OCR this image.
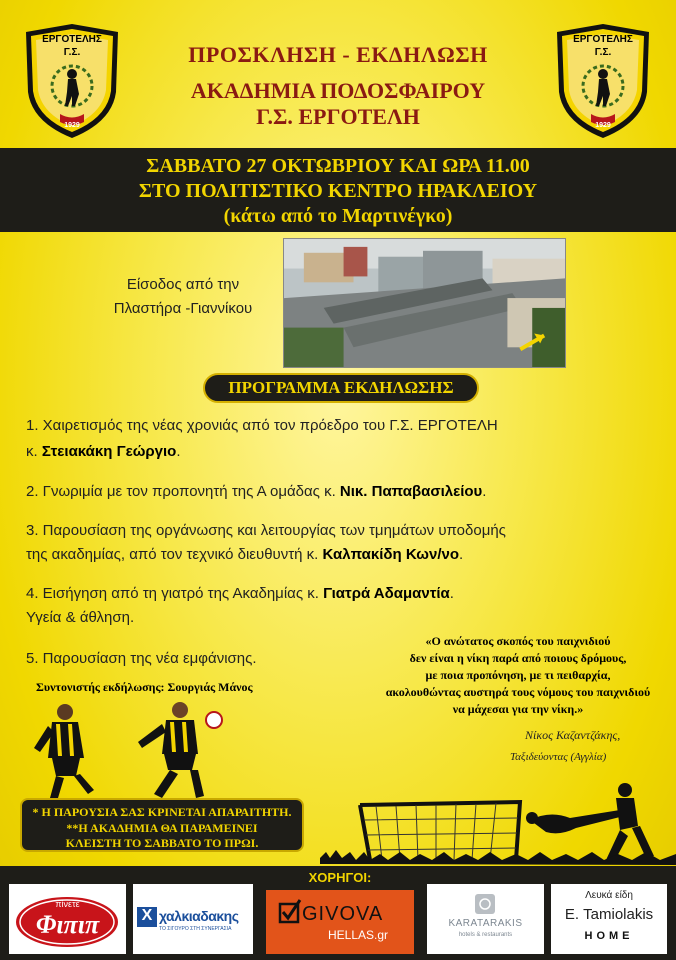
ΕΡΓΟΤΕΛΗΣ
Γ.Σ.
1929
ΕΡΓΟΤΕΛΗΣ
Γ.Σ.
1929
ΠΡΟΣΚΛΗΣΗ - ΕΚΔΗΛΩΣΗ
ΑΚΑΔΗΜΙΑ ΠΟΔΟΣΦΑΙΡΟΥ
Γ.Σ. ΕΡΓΟΤΕΛΗ
ΣΑΒΒΑΤΟ 27 ΟΚΤΩΒΡΙΟΥ ΚΑΙ ΩΡΑ 11.00
ΣΤΟ ΠΟΛΙΤΙΣΤΙΚΟ ΚΕΝΤΡΟ ΗΡΑΚΛΕΙΟΥ
(κάτω από το Μαρτινέγκο)
Είσοδος από την
Πλαστήρα -Γιαννίκου
ΠΡΟΓΡΑΜΜΑ ΕΚΔΗΛΩΣΗΣ
1. Χαιρετισμός της νέας χρονιάς από τον πρόεδρο του Γ.Σ. ΕΡΓΟΤΕΛΗ
κ. Στειακάκη Γεώργιο.
2. Γνωριμία με τον προπονητή της Α ομάδας κ. Νικ. Παπαβασιλείου.
3. Παρουσίαση της οργάνωσης και λειτουργίας των τμημάτων υποδομής
της ακαδημίας, από τον τεχνικό διευθυντή κ. Καλπακίδη Κων/νο.
4. Εισήγηση από τη γιατρό της Ακαδημίας κ. Γιατρά Αδαμαντία.
Υγεία & άθληση.
5. Παρουσίαση της νέα εμφάνισης.
Συντονιστής εκδήλωσης: Σουργιάς Μάνος
«Ο ανώτατος σκοπός του παιχνιδιού
δεν είναι η νίκη παρά από ποιους δρόμους,
με ποια προπόνηση, με τι πειθαρχία,
ακολουθώντας αυστηρά τους νόμους του παιχνιδιού
να μάχεσαι για την νίκη.»
Νίκος Καζαντζάκης,
Ταξιδεύοντας (Αγγλία)
* Η ΠΑΡΟΥΣΙΑ ΣΑΣ ΚΡΙΝΕΤΑΙ ΑΠΑΡΑΙΤΗΤΗ.
**Η ΑΚΑΔΗΜΙΑ ΘΑ ΠΑΡΑΜΕΙΝΕΙ
ΚΛΕΙΣΤΗ ΤΟ ΣΑΒΒΑΤΟ ΤΟ ΠΡΩΙ.
ΧΟΡΗΓΟΙ:
πίνετε
Φιπιπ	X χαλκιαδακης
ΤΟ ΣΙΓΟΥΡΟ ΣΤΗ ΣΥΝΕΡΓΑΣΙΑ
GIVOVA
HELLAS.gr
KARATARAKIS
hotels & restaurants
Λευκά είδη
Ε. Tamiolakis
HOME
